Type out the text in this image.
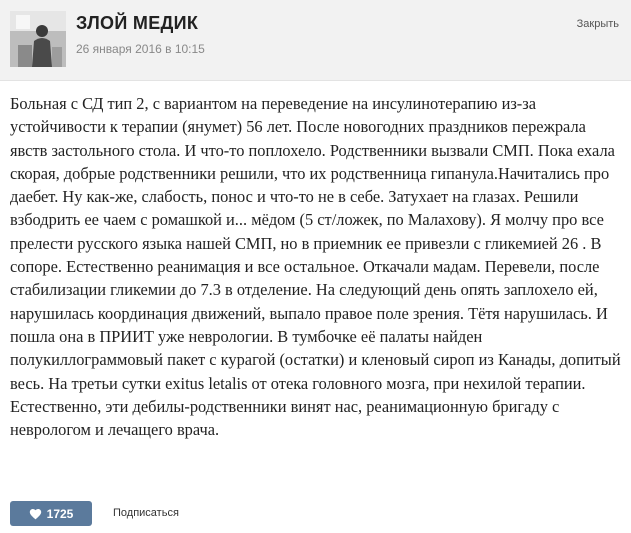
ЗЛОЙ МЕДИК
26 января 2016 в 10:15
Закрыть
Больная с СД тип 2, с вариантом на переведение на инсулинотерапию из-за устойчивости к терапии (янумет) 56 лет. После новогодних праздников пережрала явств застольного стола. И что-то поплохело. Родственники вызвали СМП. Пока ехала скорая, добрые родственники решили, что их родственница гипанула.Начитались про даебет. Ну как-же, слабость, понос и что-то не в себе. Затухает на глазах. Решили взбодрить ее чаем с ромашкой и... мёдом (5 ст/ложек, по Малахову). Я молчу про все прелести русского языка нашей СМП, но в приемник ее привезли с гликемией 26 . В сопоре. Естественно реанимация и все остальное. Откачали мадам. Перевели, после стабилизации гликемии до 7.3 в отделение. На следующий день опять заплохело ей, нарушилась координация движений, выпало правое поле зрения. Тётя нарушилась. И пошла она в ПРИИТ уже неврологии. В тумбочке её палаты найден полукиллограммовый пакет с курагой (остатки) и кленовый сироп из Канады, допитый весь. На третьи сутки exitus letalis от отека головного мозга, при нехилой терапии.
Естественно, эти дебилы-родственники винят нас, реанимационную бригаду с неврологом и лечащего врача.
1725	Подписаться
